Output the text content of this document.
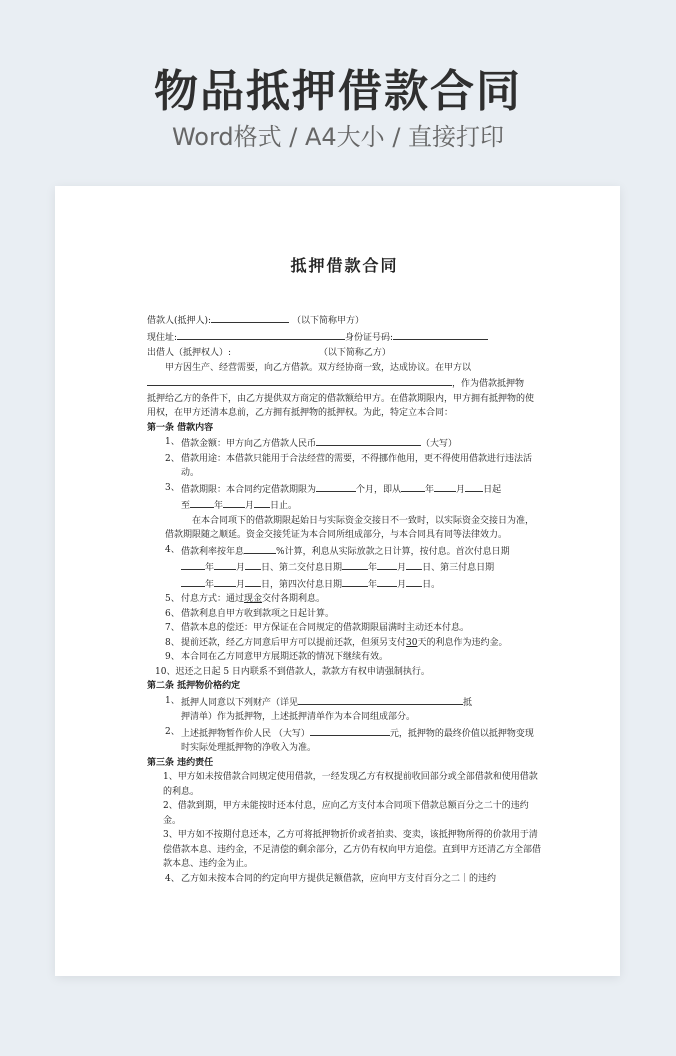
物品抵押借款合同
Word格式 / A4大小 / 直接打印
抵押借款合同
借款人(抵押人):	（以下简称甲方）
现住址:	身份证号码:
出借人（抵押权人）:	（以下简称乙方）
甲方因生产、经营需要，向乙方借款。双方经协商一致，达成协议。在甲方以
，作为借款抵押物
抵押给乙方的条件下，由乙方提供双方商定的借款额给甲方。在借款期限内，甲方拥有抵押物的使用权，在甲方还清本息前，乙方拥有抵押物的抵押权。为此，特定立本合同：
第一条 借款内容
1、 借款金额：甲方向乙方借款人民币	（大写）
2、 借款用途：本借款只能用于合法经营的需要，不得挪作他用，更不得使用借款进行违法活动。
3、 借款期限：本合同约定借款期限为	个月，即从	年 月 日起
至	年 月 日止。
在本合同项下的借款期限起始日与实际资金交接日不一致时，以实际资金交接日为准，借款期限随之顺延。资金交接凭证为本合同所组成部分，与本合同具有同等法律效力。
4、 借款利率按年息	%计算，利息从实际放款之日计算，按付息。首次付息日期
年 月 日、第二交付息日期	年 月 日、第三付息日期
年 月 日，第四次付息日期	年 月 日。
5、 付息方式：通过现金交付各期利息。
6、 借款利息自甲方收到款项之日起计算。
7、 借款本息的偿还：甲方保证在合同规定的借款期限届满时主动还本付息。
8、 提前还款，经乙方同意后甲方可以提前还款，但须另支付30天的利息作为违约金。
9、 本合同在乙方同意甲方展期还款的情况下继续有效。
10、迟还之日起 5 日内联系不到借款人，款款方有权申请强制执行。
第二条 抵押物价格约定
1、 抵押人同意以下列财产（详见	抵
押清单）作为抵押物，上述抵押清单作为本合同组成部分。
2、 上述抵押物暂作价人民 （大写）	元，抵押物的最终价值以抵押物变现时实际处理抵押物的净收入为准。
第三条 违约责任
1、甲方如未按借款合同规定使用借款，一经发现乙方有权提前收回部分或全部借款和使用借款的利息。
2、借款到期，甲方未能按时还本付息，应向乙方支付本合同项下借款总额百分之二十的违约金。
3、甲方如不按期付息还本，乙方可将抵押物折价或者拍卖、变卖，该抵押物所得的价款用于清偿借款本息、违约金，不足清偿的剩余部分，乙方仍有权向甲方追偿。直到甲方还清乙方全部借款本息、违约金为止。
4、 乙方如未按本合同的约定向甲方提供足额借款，应向甲方支付百分之二｜的违约
